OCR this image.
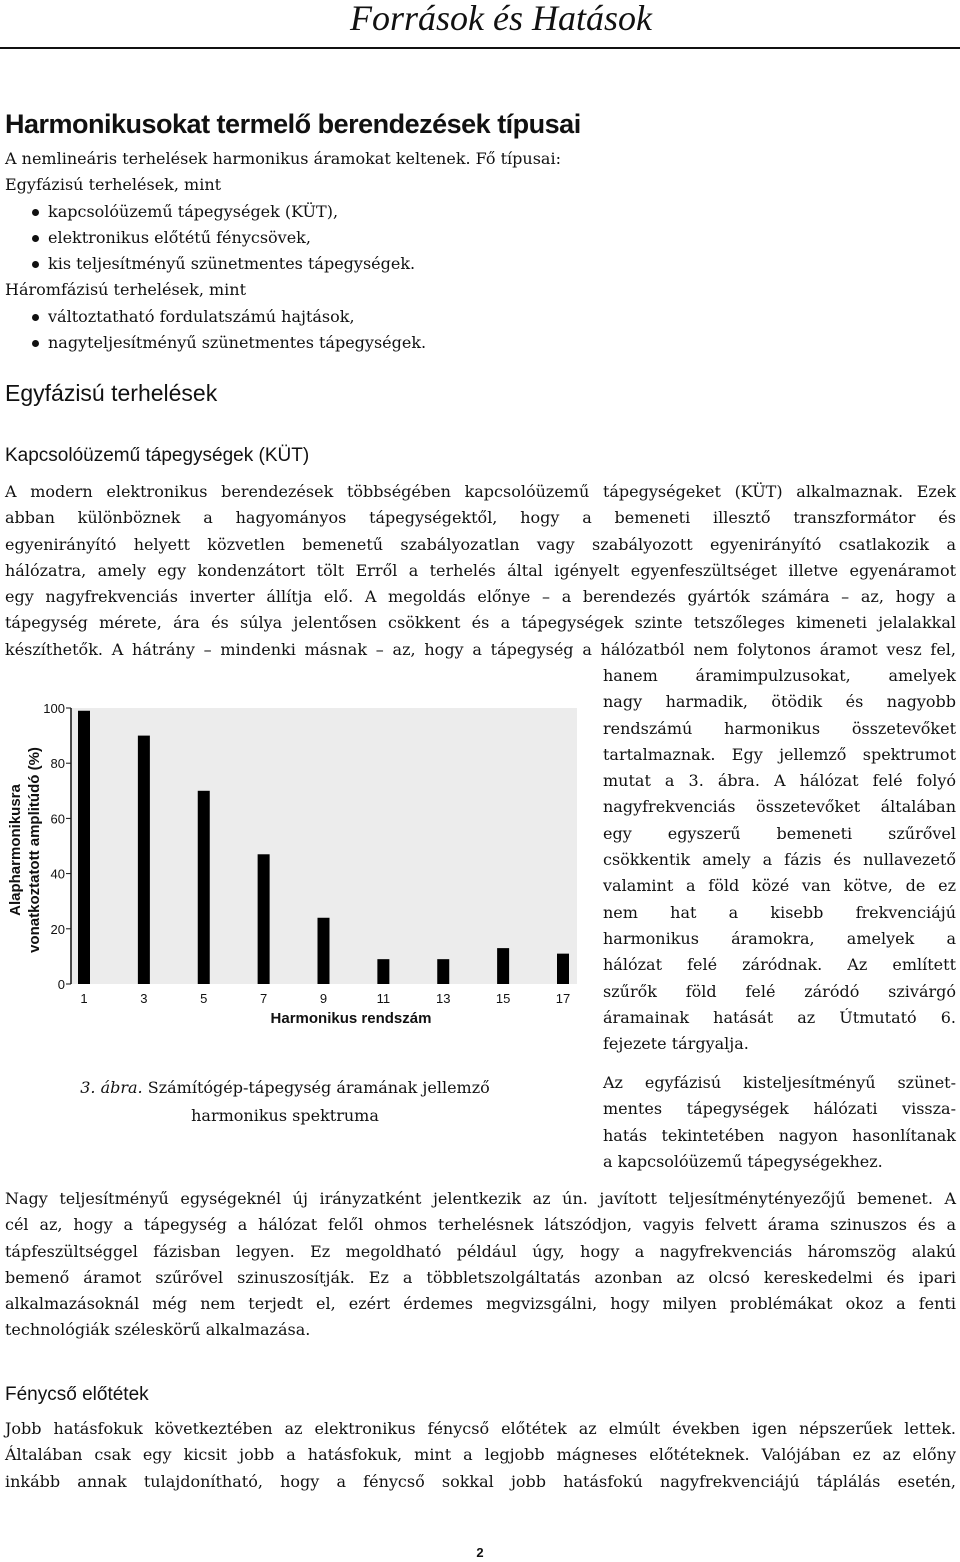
Források és Hatások
Harmonikusokat termelő berendezések típusai
A nemlineáris terhelések harmonikus áramokat keltenek. Fő típusai:
Egyfázisú terhelések, mint
kapcsolóüzemű tápegységek (KÜT),
elektronikus előtétű fénycsövek,
kis teljesítményű szünetmentes tápegységek.
Háromfázisú terhelések, mint
változtatható fordulatszámú hajtások,
nagyteljesítményű szünetmentes tápegységek.
Egyfázisú terhelések
Kapcsolóüzemű tápegységek (KÜT)
A modern elektronikus berendezések többségében kapcsolóüzemű tápegységeket (KÜT) alkalmaznak. Ezek
abban különböznek a hagyományos tápegységektől, hogy a bemeneti illesztő transzformátor és
egyenirányító helyett közvetlen bemenetű szabályozatlan vagy szabályozott egyenirányító csatlakozik a
hálózatra, amely egy kondenzátort tölt Erről a terhelés által igényelt egyenfeszültséget illetve egyenáramot
egy nagyfrekvenciás inverter állítja elő. A megoldás előnye – a berendezés gyártók számára – az, hogy a
tápegység mérete, ára és súlya jelentősen csökkent és a tápegységek szinte tetszőleges kimeneti jelalakkal
készíthetők. A hátrány – mindenki másnak – az, hogy a tápegység a hálózatból nem folytonos áramot vesz fel,
hanem áramimpulzusokat, amelyek
nagy harmadik, ötödik és nagyobb
rendszámú harmonikus összetevőket
tartalmaznak. Egy jellemző spektrumot
mutat a 3. ábra. A hálózat felé folyó
nagyfrekvenciás összetevőket általában
egy egyszerű bemeneti szűrővel
csökkentik amely a fázis és nullavezető
valamint a föld közé van kötve, de ez
nem hat a kisebb frekvenciájú
harmonikus áramokra, amelyek a
hálózat felé záródnak. Az említett
szűrők föld felé záródó szivárgó
áramainak hatását az Útmutató 6.
fejezete tárgyalja.
Az egyfázisú kisteljesítményű szünet-
mentes tápegységek hálózati vissza-
hatás tekintetében nagyon hasonlítanak
a kapcsolóüzemű tápegységekhez.
0
20
40
60
80
100
1	3	5	7	9	11	13	15	17
Harmonikus rendszám
Alapharmonikusra vonatkoztatott amplitúdó (%)
3. ábra. Számítógép-tápegység áramának jellemző
harmonikus spektruma
Nagy teljesítményű egységeknél új irányzatként jelentkezik az ún. javított teljesítménytényezőjű bemenet. A
cél az, hogy a tápegység a hálózat felől ohmos terhelésnek látszódjon, vagyis felvett árama szinuszos és a
tápfeszültséggel fázisban legyen. Ez megoldható például úgy, hogy a nagyfrekvenciás háromszög alakú
bemenő áramot szűrővel szinuszosítják. Ez a többletszolgáltatás azonban az olcsó kereskedelmi és ipari
alkalmazásoknál még nem terjedt el, ezért érdemes megvizsgálni, hogy milyen problémákat okoz a fenti
technológiák széleskörű alkalmazása.
Fénycső előtétek
Jobb hatásfokuk következtében az elektronikus fénycső előtétek az elmúlt években igen népszerűek lettek.
Általában csak egy kicsit jobb a hatásfokuk, mint a legjobb mágneses előtéteknek. Valójában ez az előny
inkább annak tulajdonítható, hogy a fénycső sokkal jobb hatásfokú nagyfrekvenciájú táplálás esetén,
2
